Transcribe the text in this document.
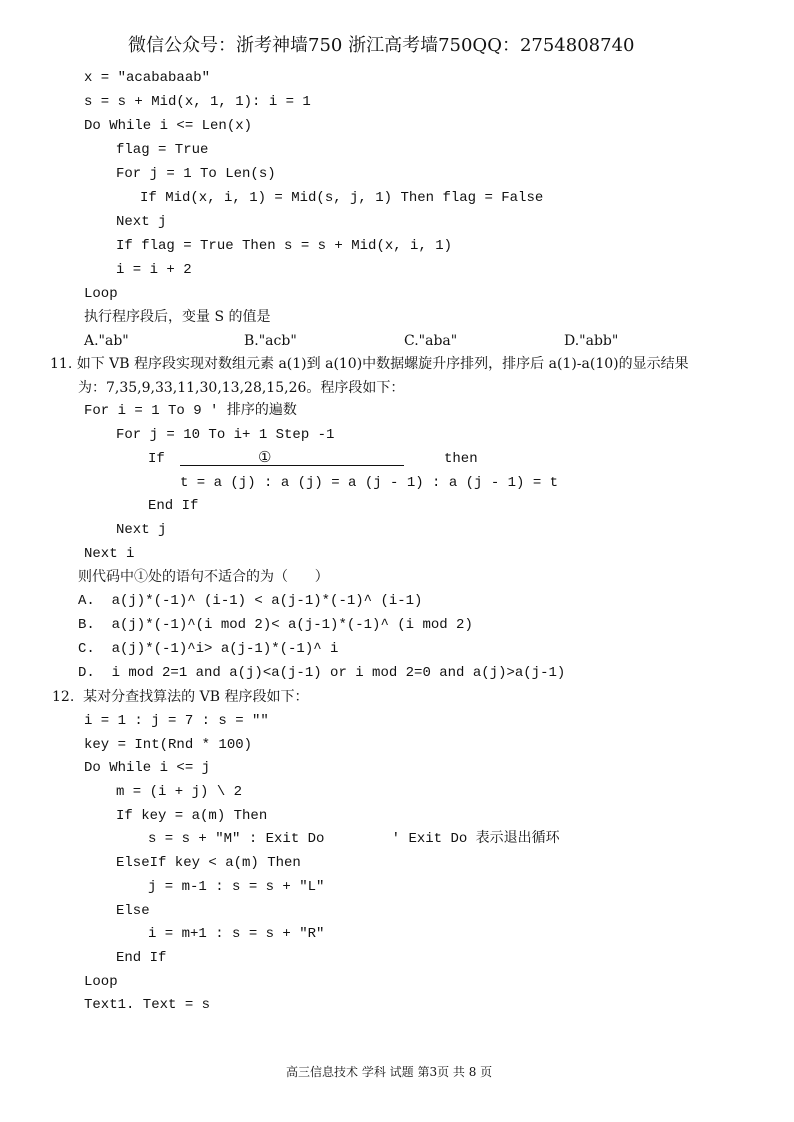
微信公众号：浙考神墙750 浙江高考墙750QQ：2754808740
x = "acababaab"
s = s + Mid(x, 1, 1): i = 1
Do While i <= Len(x)
flag = True
For j = 1 To Len(s)
If Mid(x, i, 1) = Mid(s, j, 1) Then flag = False
Next j
If flag = True Then s = s + Mid(x, i, 1)
i = i + 2
Loop
执行程序段后，变量 S 的值是
A."ab"	B."acb"	C."aba"	D."abb"
11. 如下 VB 程序段实现对数组元素 a(1)到 a(10)中数据螺旋升序排列，排序后 a(1)-a(10)的显示结果
为：7,35,9,33,11,30,13,28,15,26。程序段如下：
For i = 1 To 9 ' 排序的遍数
For j = 10 To i+ 1 Step -1
If	①	then
t = a (j) : a (j) = a (j - 1) : a (j - 1) = t
End If
Next j
Next i
则代码中①处的语句不适合的为（      ）
A.  a(j)*(-1)^ (i-1) < a(j-1)*(-1)^ (i-1)
B.  a(j)*(-1)^(i mod 2)< a(j-1)*(-1)^ (i mod 2)
C.  a(j)*(-1)^i> a(j-1)*(-1)^ i
D.  i mod 2=1 and a(j)<a(j-1) or i mod 2=0 and a(j)>a(j-1)
12.  某对分查找算法的 VB 程序段如下：
i = 1 : j = 7 : s = ""
key = Int(Rnd * 100)
Do While i <= j
m = (i + j) \ 2
If key = a(m) Then
s = s + "M" : Exit Do        ' Exit Do 表示退出循环
ElseIf key < a(m) Then
j = m-1 : s = s + "L"
Else
i = m+1 : s = s + "R"
End If
Loop
Text1. Text = s
高三信息技术 学科 试题 第3页 共 8 页
